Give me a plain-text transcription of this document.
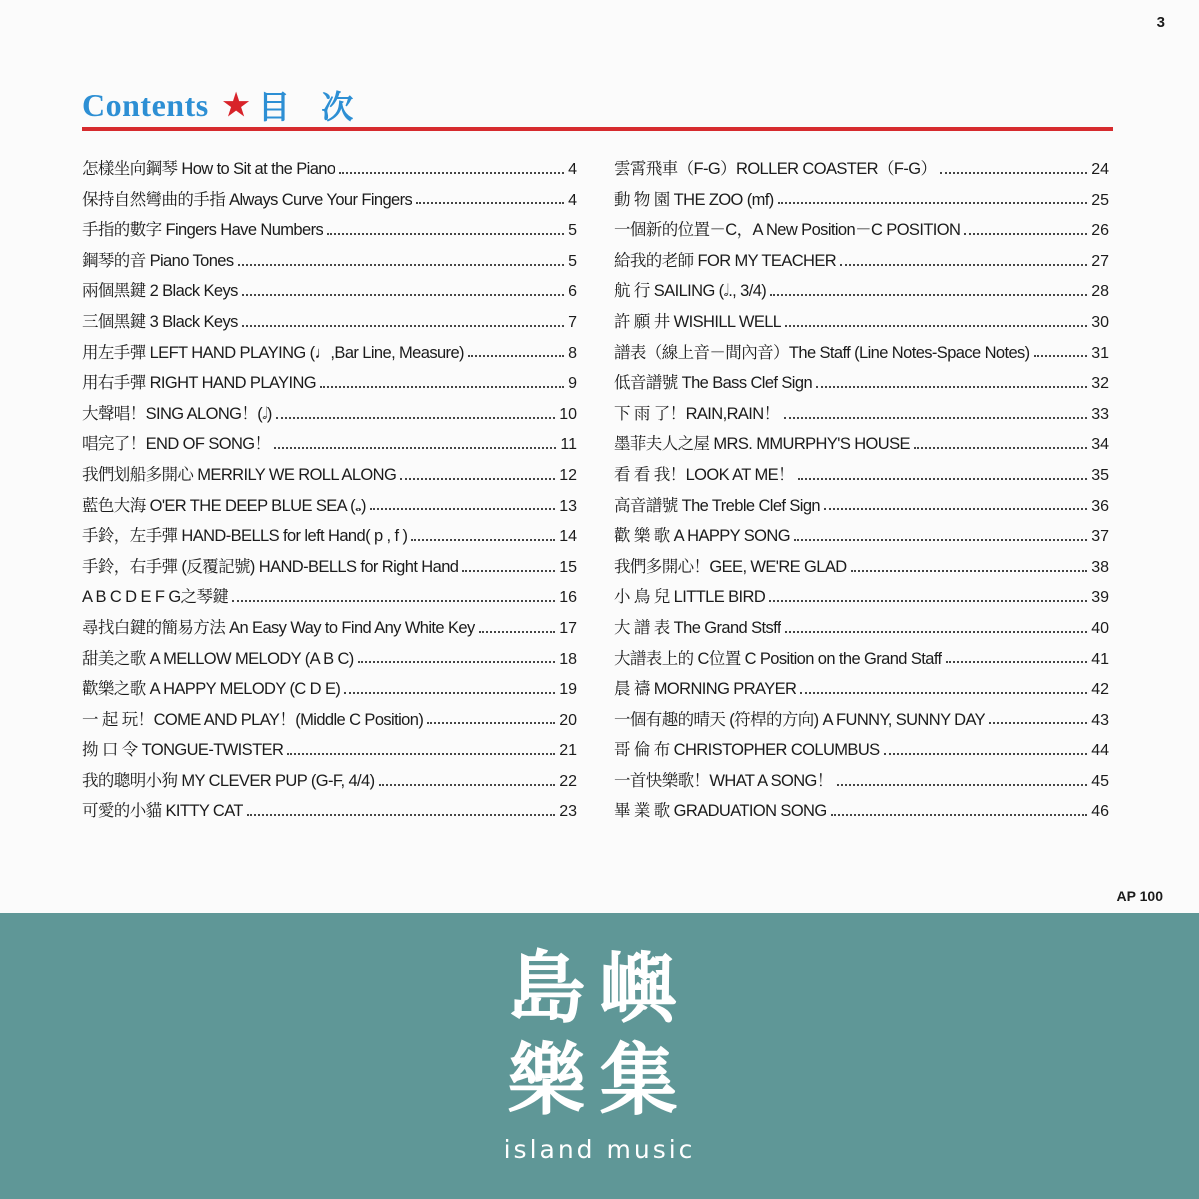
3
Contents ★ 目 次
怎樣坐向鋼琴 How to Sit at the Piano	4
保持自然彎曲的手指 Always Curve Your Fingers	4
手指的數字 Fingers Have Numbers	5
鋼琴的音 Piano Tones	5
兩個黑鍵 2 Black Keys	6
三個黑鍵 3 Black Keys	7
用左手彈 LEFT HAND PLAYING (♩,Bar Line, Measure)	8
用右手彈 RIGHT HAND PLAYING	9
大聲唱！SING ALONG！(𝅗𝅥)	10
唱完了！END OF SONG！	11
我們划船多開心 MERRILY WE ROLL ALONG	12
藍色大海 O'ER THE DEEP BLUE SEA (𝅝)	13
手鈴，左手彈 HAND-BELLS for left Hand( p , f )	14
手鈴，右手彈 (反覆記號) HAND-BELLS for Right Hand	15
A B C D E F G之琴鍵	16
尋找白鍵的簡易方法 An Easy Way to Find Any White Key	17
甜美之歌 A MELLOW MELODY (A B C)	18
歡樂之歌 A HAPPY MELODY (C D E)	19
一 起 玩！COME AND PLAY！(Middle C Position)	20
拗 口 令 TONGUE-TWISTER	21
我的聰明小狗 MY CLEVER PUP (G-F, 4/4)	22
可愛的小貓 KITTY CAT	23
雲霄飛車（F-G）ROLLER COASTER（F-G）	24
動 物 園 THE ZOO (mf)	25
一個新的位置－C，A New Position－C POSITION	26
給我的老師 FOR MY TEACHER	27
航 行 SAILING (𝅗𝅥., 3/4)	28
許 願 井 WISHILL WELL	30
譜表（線上音－間內音）The Staff (Line Notes-Space Notes)	31
低音譜號 The Bass Clef Sign	32
下 雨 了！RAIN,RAIN！	33
墨菲夫人之屋 MRS. MMURPHY'S HOUSE	34
看 看 我！LOOK AT ME！	35
高音譜號 The Treble Clef Sign	36
歡 樂 歌 A HAPPY SONG	37
我們多開心！GEE, WE'RE GLAD	38
小 鳥 兒 LITTLE BIRD	39
大 譜 表 The Grand Stsff	40
大譜表上的 C位置 C Position on the Grand Staff	41
晨 禱 MORNING PRAYER	42
一個有趣的晴天 (符桿的方向) A FUNNY, SUNNY DAY	43
哥 倫 布 CHRISTOPHER COLUMBUS	44
一首快樂歌！WHAT A SONG！	45
畢 業 歌 GRADUATION SONG	46
AP 100
島嶼
樂集
island music
